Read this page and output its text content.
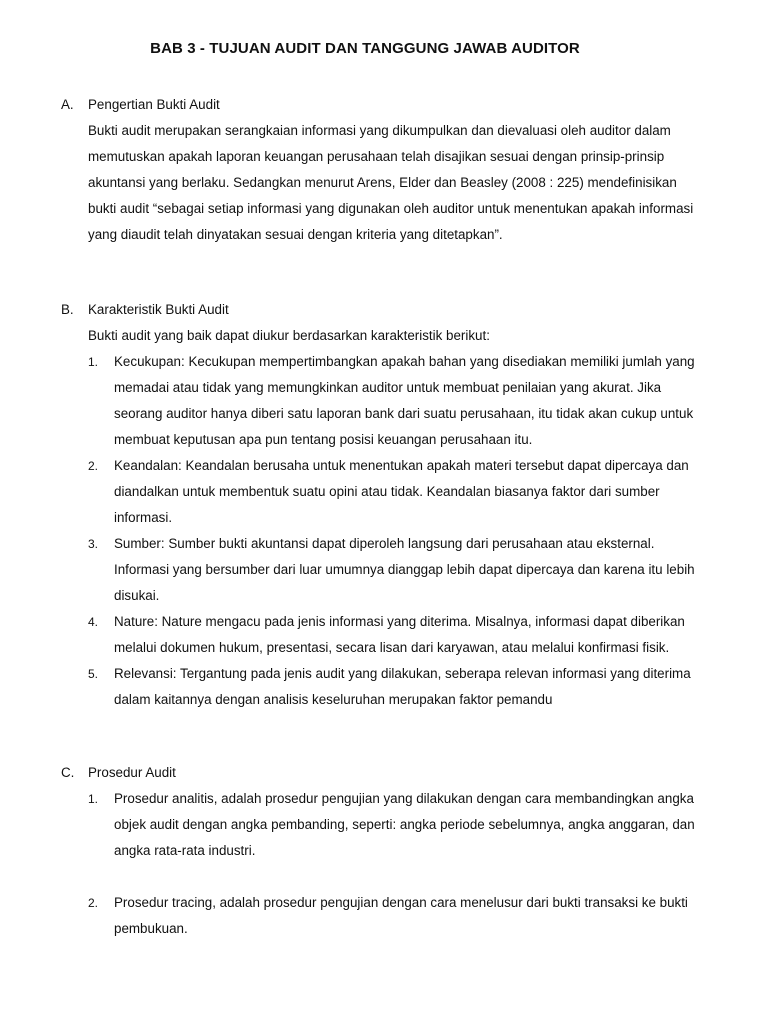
BAB 3 - TUJUAN AUDIT DAN TANGGUNG JAWAB AUDITOR
A. Pengertian Bukti Audit

Bukti audit merupakan serangkaian informasi yang dikumpulkan dan dievaluasi oleh auditor dalam memutuskan apakah laporan keuangan perusahaan telah disajikan sesuai dengan prinsip-prinsip akuntansi yang berlaku. Sedangkan menurut Arens, Elder dan Beasley (2008 : 225) mendefinisikan bukti audit “sebagai setiap informasi yang digunakan oleh auditor untuk menentukan apakah informasi yang diaudit telah dinyatakan sesuai dengan kriteria yang ditetapkan”.

B. Karakteristik Bukti Audit

Bukti audit yang baik dapat diukur berdasarkan karakteristik berikut:

1. Kecukupan: Kecukupan mempertimbangkan apakah bahan yang disediakan memiliki jumlah yang memadai atau tidak yang memungkinkan auditor untuk membuat penilaian yang akurat. Jika seorang auditor hanya diberi satu laporan bank dari suatu perusahaan, itu tidak akan cukup untuk membuat keputusan apa pun tentang posisi keuangan perusahaan itu.
2. Keandalan: Keandalan berusaha untuk menentukan apakah materi tersebut dapat dipercaya dan diandalkan untuk membentuk suatu opini atau tidak. Keandalan biasanya faktor dari sumber informasi.
3. Sumber: Sumber bukti akuntansi dapat diperoleh langsung dari perusahaan atau eksternal. Informasi yang bersumber dari luar umumnya dianggap lebih dapat dipercaya dan karena itu lebih disukai.
4. Nature: Nature mengacu pada jenis informasi yang diterima. Misalnya, informasi dapat diberikan melalui dokumen hukum, presentasi, secara lisan dari karyawan, atau melalui konfirmasi fisik.
5. Relevansi: Tergantung pada jenis audit yang dilakukan, seberapa relevan informasi yang diterima dalam kaitannya dengan analisis keseluruhan merupakan faktor pemandu
C. Prosedur Audit
1. Prosedur analitis, adalah prosedur pengujian yang dilakukan dengan cara membandingkan angka objek audit dengan angka pembanding, seperti: angka periode sebelumnya, angka anggaran, dan angka rata-rata industri.
2. Prosedur tracing, adalah prosedur pengujian dengan cara menelusur dari bukti transaksi ke bukti pembukuan.
